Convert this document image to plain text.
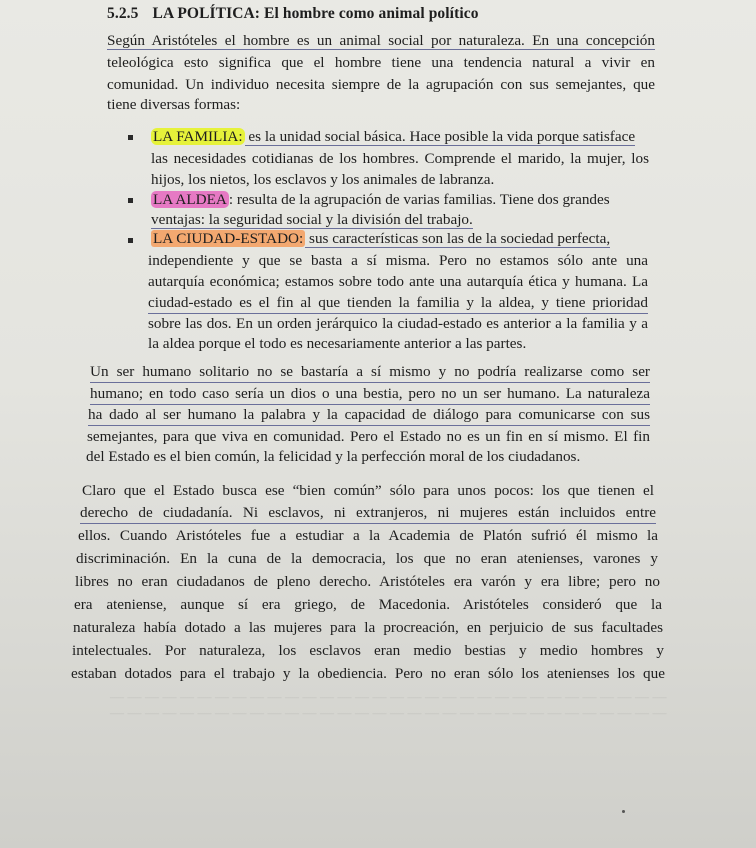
5.2.5 LA POLÍTICA: El hombre como animal político
Según Aristóteles el hombre es un animal social por naturaleza. En una concepción
teleológica esto significa que el hombre tiene una tendencia natural a vivir en
comunidad. Un individuo necesita siempre de la agrupación con sus semejantes, que
tiene diversas formas:
LA FAMILIA: es la unidad social básica. Hace posible la vida porque satisface
las necesidades cotidianas de los hombres. Comprende el marido, la mujer, los
hijos, los nietos, los esclavos y los animales de labranza.
LA ALDEA : resulta de la agrupación de varias familias. Tiene dos grandes
ventajas: la seguridad social y la división del trabajo.
LA CIUDAD-ESTADO: sus características son las de la sociedad perfecta,
independiente y que se basta a sí misma. Pero no estamos sólo ante una
autarquía económica; estamos sobre todo ante una autarquía ética y humana. La
ciudad-estado es el fin al que tienden la familia y la aldea, y tiene prioridad
sobre las dos. En un orden jerárquico la ciudad-estado es anterior a la familia y a
la aldea porque el todo es necesariamente anterior a las partes.
Un ser humano solitario no se bastaría a sí mismo y no podría realizarse como ser
humano; en todo caso sería un dios o una bestia, pero no un ser humano. La naturaleza
ha dado al ser humano la palabra y la capacidad de diálogo para comunicarse con sus
semejantes, para que viva en comunidad. Pero el Estado no es un fin en sí mismo. El fin
del Estado es el bien común, la felicidad y la perfección moral de los ciudadanos.
Claro que el Estado busca ese “bien común” sólo para unos pocos: los que tienen el
derecho de ciudadanía. Ni esclavos, ni extranjeros, ni mujeres están incluidos entre
ellos. Cuando Aristóteles fue a estudiar a la Academia de Platón sufrió él mismo la
discriminación. En la cuna de la democracia, los que no eran atenienses, varones y
libres no eran ciudadanos de pleno derecho. Aristóteles era varón y era libre; pero no
era ateniense, aunque sí era griego, de Macedonia. Aristóteles consideró que la
naturaleza había dotado a las mujeres para la procreación, en perjuicio de sus facultades
intelectuales. Por naturaleza, los esclavos eran medio bestias y medio hombres y
estaban dotados para el trabajo y la obediencia. Pero no eran sólo los atenienses los que
— — — — — — — — — — — — — — — — — — — — — — — — — — — — — — — —
— — — — — — — — — — — — — — — — — — — — — — — — — — — — — — — —
